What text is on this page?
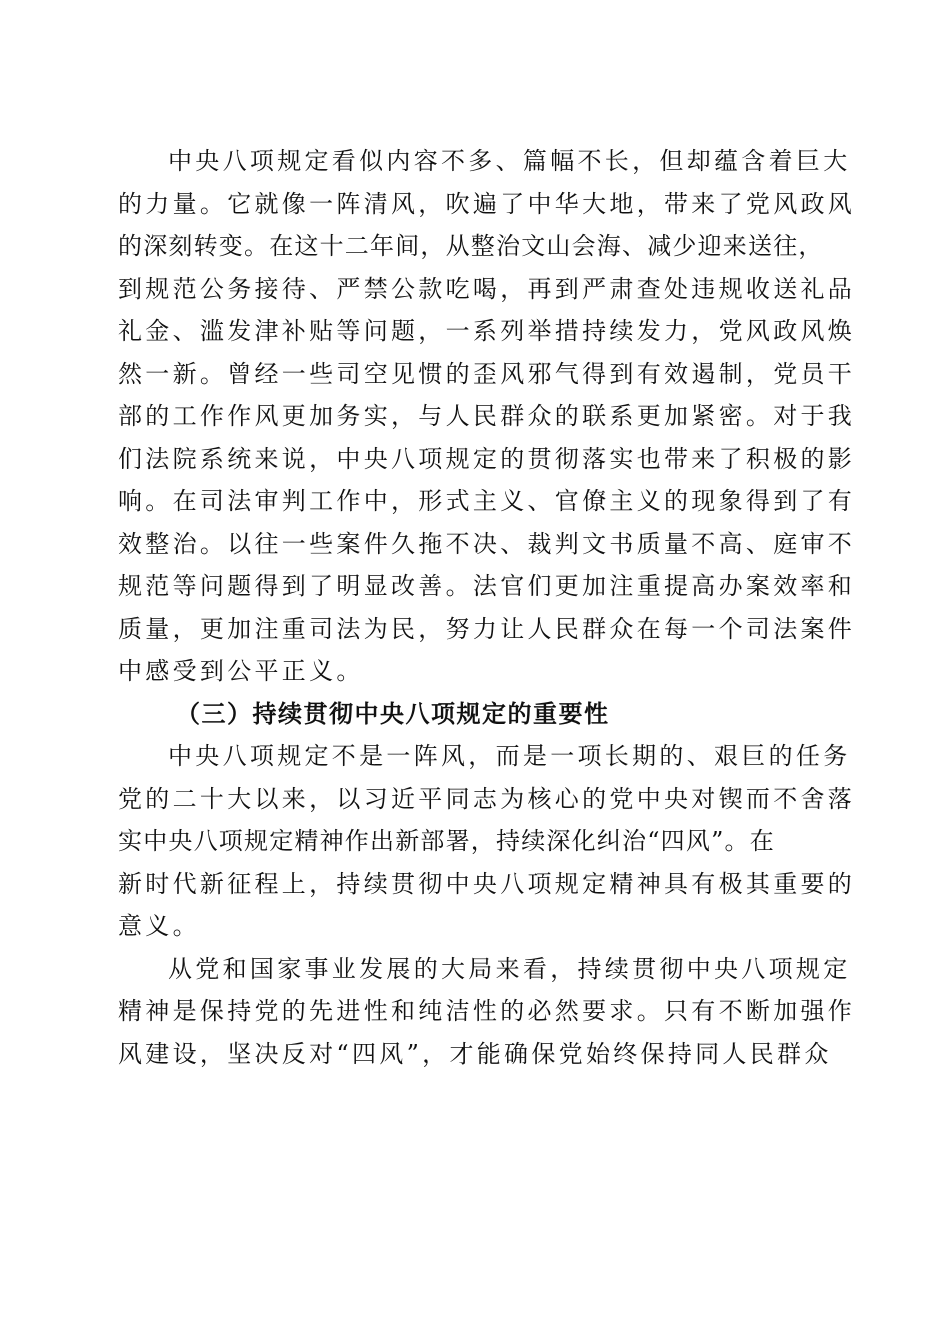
中央八项规定看似内容不多、篇幅不长，但却蕴含着巨大
的力量。它就像一阵清风，吹遍了中华大地，带来了党风政风
的深刻转变。在这十二年间，从整治文山会海、减少迎来送往，
到规范公务接待、严禁公款吃喝，再到严肃查处违规收送礼品
礼金、滥发津补贴等问题，一系列举措持续发力，党风政风焕
然一新。曾经一些司空见惯的歪风邪气得到有效遏制，党员干
部的工作作风更加务实，与人民群众的联系更加紧密。对于我
们法院系统来说，中央八项规定的贯彻落实也带来了积极的影
响。在司法审判工作中，形式主义、官僚主义的现象得到了有
效整治。以往一些案件久拖不决、裁判文书质量不高、庭审不
规范等问题得到了明显改善。法官们更加注重提高办案效率和
质量，更加注重司法为民，努力让人民群众在每一个司法案件
中感受到公平正义。
（三）持续贯彻中央八项规定的重要性
中央八项规定不是一阵风，而是一项长期的、艰巨的任务
党的二十大以来，以习近平同志为核心的党中央对锲而不舍落
实中央八项规定精神作出新部署，持续深化纠治“四风”。在
新时代新征程上，持续贯彻中央八项规定精神具有极其重要的
意义。
从党和国家事业发展的大局来看，持续贯彻中央八项规定
精神是保持党的先进性和纯洁性的必然要求。只有不断加强作
风建设，坚决反对“四风”，才能确保党始终保持同人民群众
